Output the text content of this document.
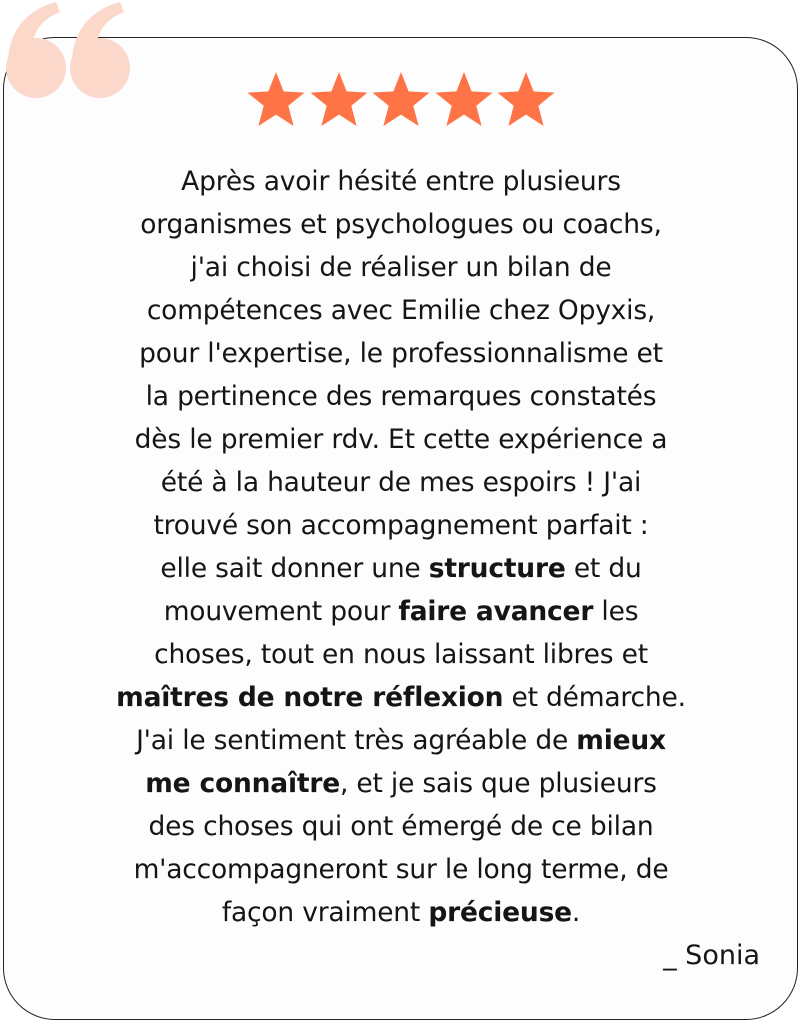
Après avoir hésité entre plusieurs
organismes et psychologues ou coachs,
j'ai choisi de réaliser un bilan de
compétences avec Emilie chez Opyxis,
pour l'expertise, le professionnalisme et
la pertinence des remarques constatés
dès le premier rdv. Et cette expérience a
été à la hauteur de mes espoirs ! J'ai
trouvé son accompagnement parfait :
elle sait donner une structure et du
mouvement pour faire avancer les
choses, tout en nous laissant libres et
maîtres de notre réflexion et démarche.
J'ai le sentiment très agréable de mieux
me connaître, et je sais que plusieurs
des choses qui ont émergé de ce bilan
m'accompagneront sur le long terme, de
façon vraiment précieuse.

_ Sonia
